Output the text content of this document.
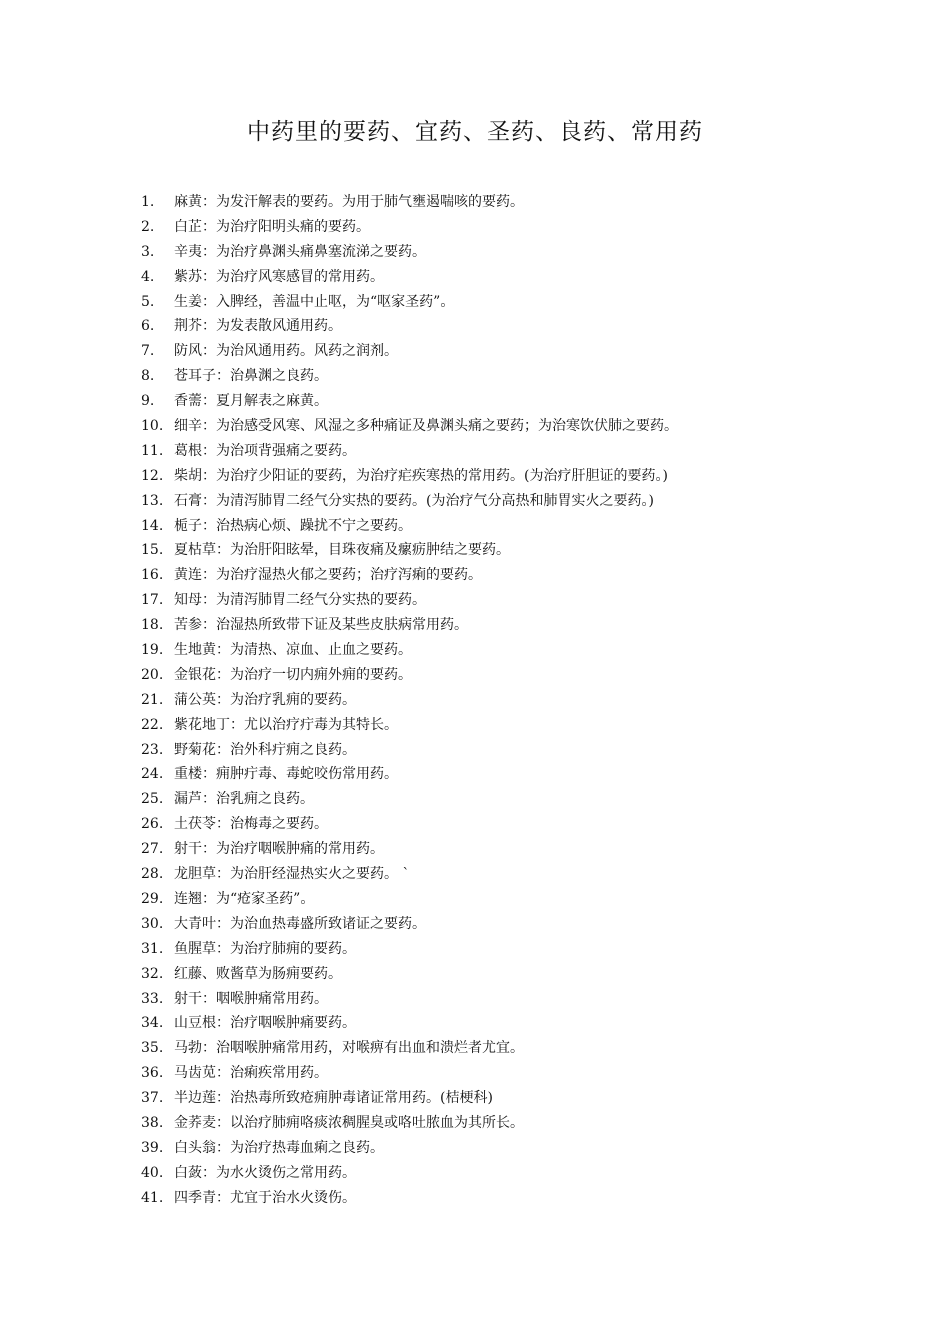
中药里的要药、宜药、圣药、良药、常用药
1.	麻黄：为发汗解表的要药。为用于肺气壅遏喘咳的要药。
2.	白芷：为治疗阳明头痛的要药。
3.	辛夷：为治疗鼻渊头痛鼻塞流涕之要药。
4.	紫苏：为治疗风寒感冒的常用药。
5.	生姜：入脾经，善温中止呕，为“呕家圣药”。
6.	荆芥：为发表散风通用药。
7.	防风：为治风通用药。风药之润剂。
8.	苍耳子：治鼻渊之良药。
9.	香薷：夏月解表之麻黄。
10. 细辛：为治感受风寒、风湿之多种痛证及鼻渊头痛之要药；为治寒饮伏肺之要药。
11. 葛根：为治项背强痛之要药。
12. 柴胡：为治疗少阳证的要药，为治疗疟疾寒热的常用药。(为治疗肝胆证的要药。)
13. 石膏：为清泻肺胃二经气分实热的要药。(为治疗气分高热和肺胃实火之要药。)
14. 栀子：治热病心烦、躁扰不宁之要药。
15. 夏枯草：为治肝阳眩晕，目珠夜痛及瘰疬肿结之要药。
16. 黄连：为治疗湿热火郁之要药；治疗泻痢的要药。
17. 知母：为清泻肺胃二经气分实热的要药。
18. 苦参：治湿热所致带下证及某些皮肤病常用药。
19. 生地黄：为清热、凉血、止血之要药。
20. 金银花：为治疗一切内痈外痈的要药。
21. 蒲公英：为治疗乳痈的要药。
22. 紫花地丁：尤以治疗疔毒为其特长。
23. 野菊花：治外科疔痈之良药。
24. 重楼：痈肿疔毒、毒蛇咬伤常用药。
25. 漏芦：治乳痈之良药。
26. 土茯苓：治梅毒之要药。
27. 射干：为治疗咽喉肿痛的常用药。
28. 龙胆草：为治肝经湿热实火之要药。 `
29. 连翘：为“疮家圣药”。
30. 大青叶：为治血热毒盛所致诸证之要药。
31. 鱼腥草：为治疗肺痈的要药。
32. 红藤、败酱草为肠痈要药。
33. 射干：咽喉肿痛常用药。
34. 山豆根：治疗咽喉肿痛要药。
35. 马勃：治咽喉肿痛常用药，对喉痹有出血和溃烂者尤宜。
36. 马齿苋：治痢疾常用药。
37. 半边莲：治热毒所致疮痈肿毒诸证常用药。(桔梗科)
38. 金荞麦：以治疗肺痈咯痰浓稠腥臭或咯吐脓血为其所长。
39. 白头翁：为治疗热毒血痢之良药。
40. 白蔹：为水火烫伤之常用药。
41. 四季青：尤宜于治水火烫伤。
